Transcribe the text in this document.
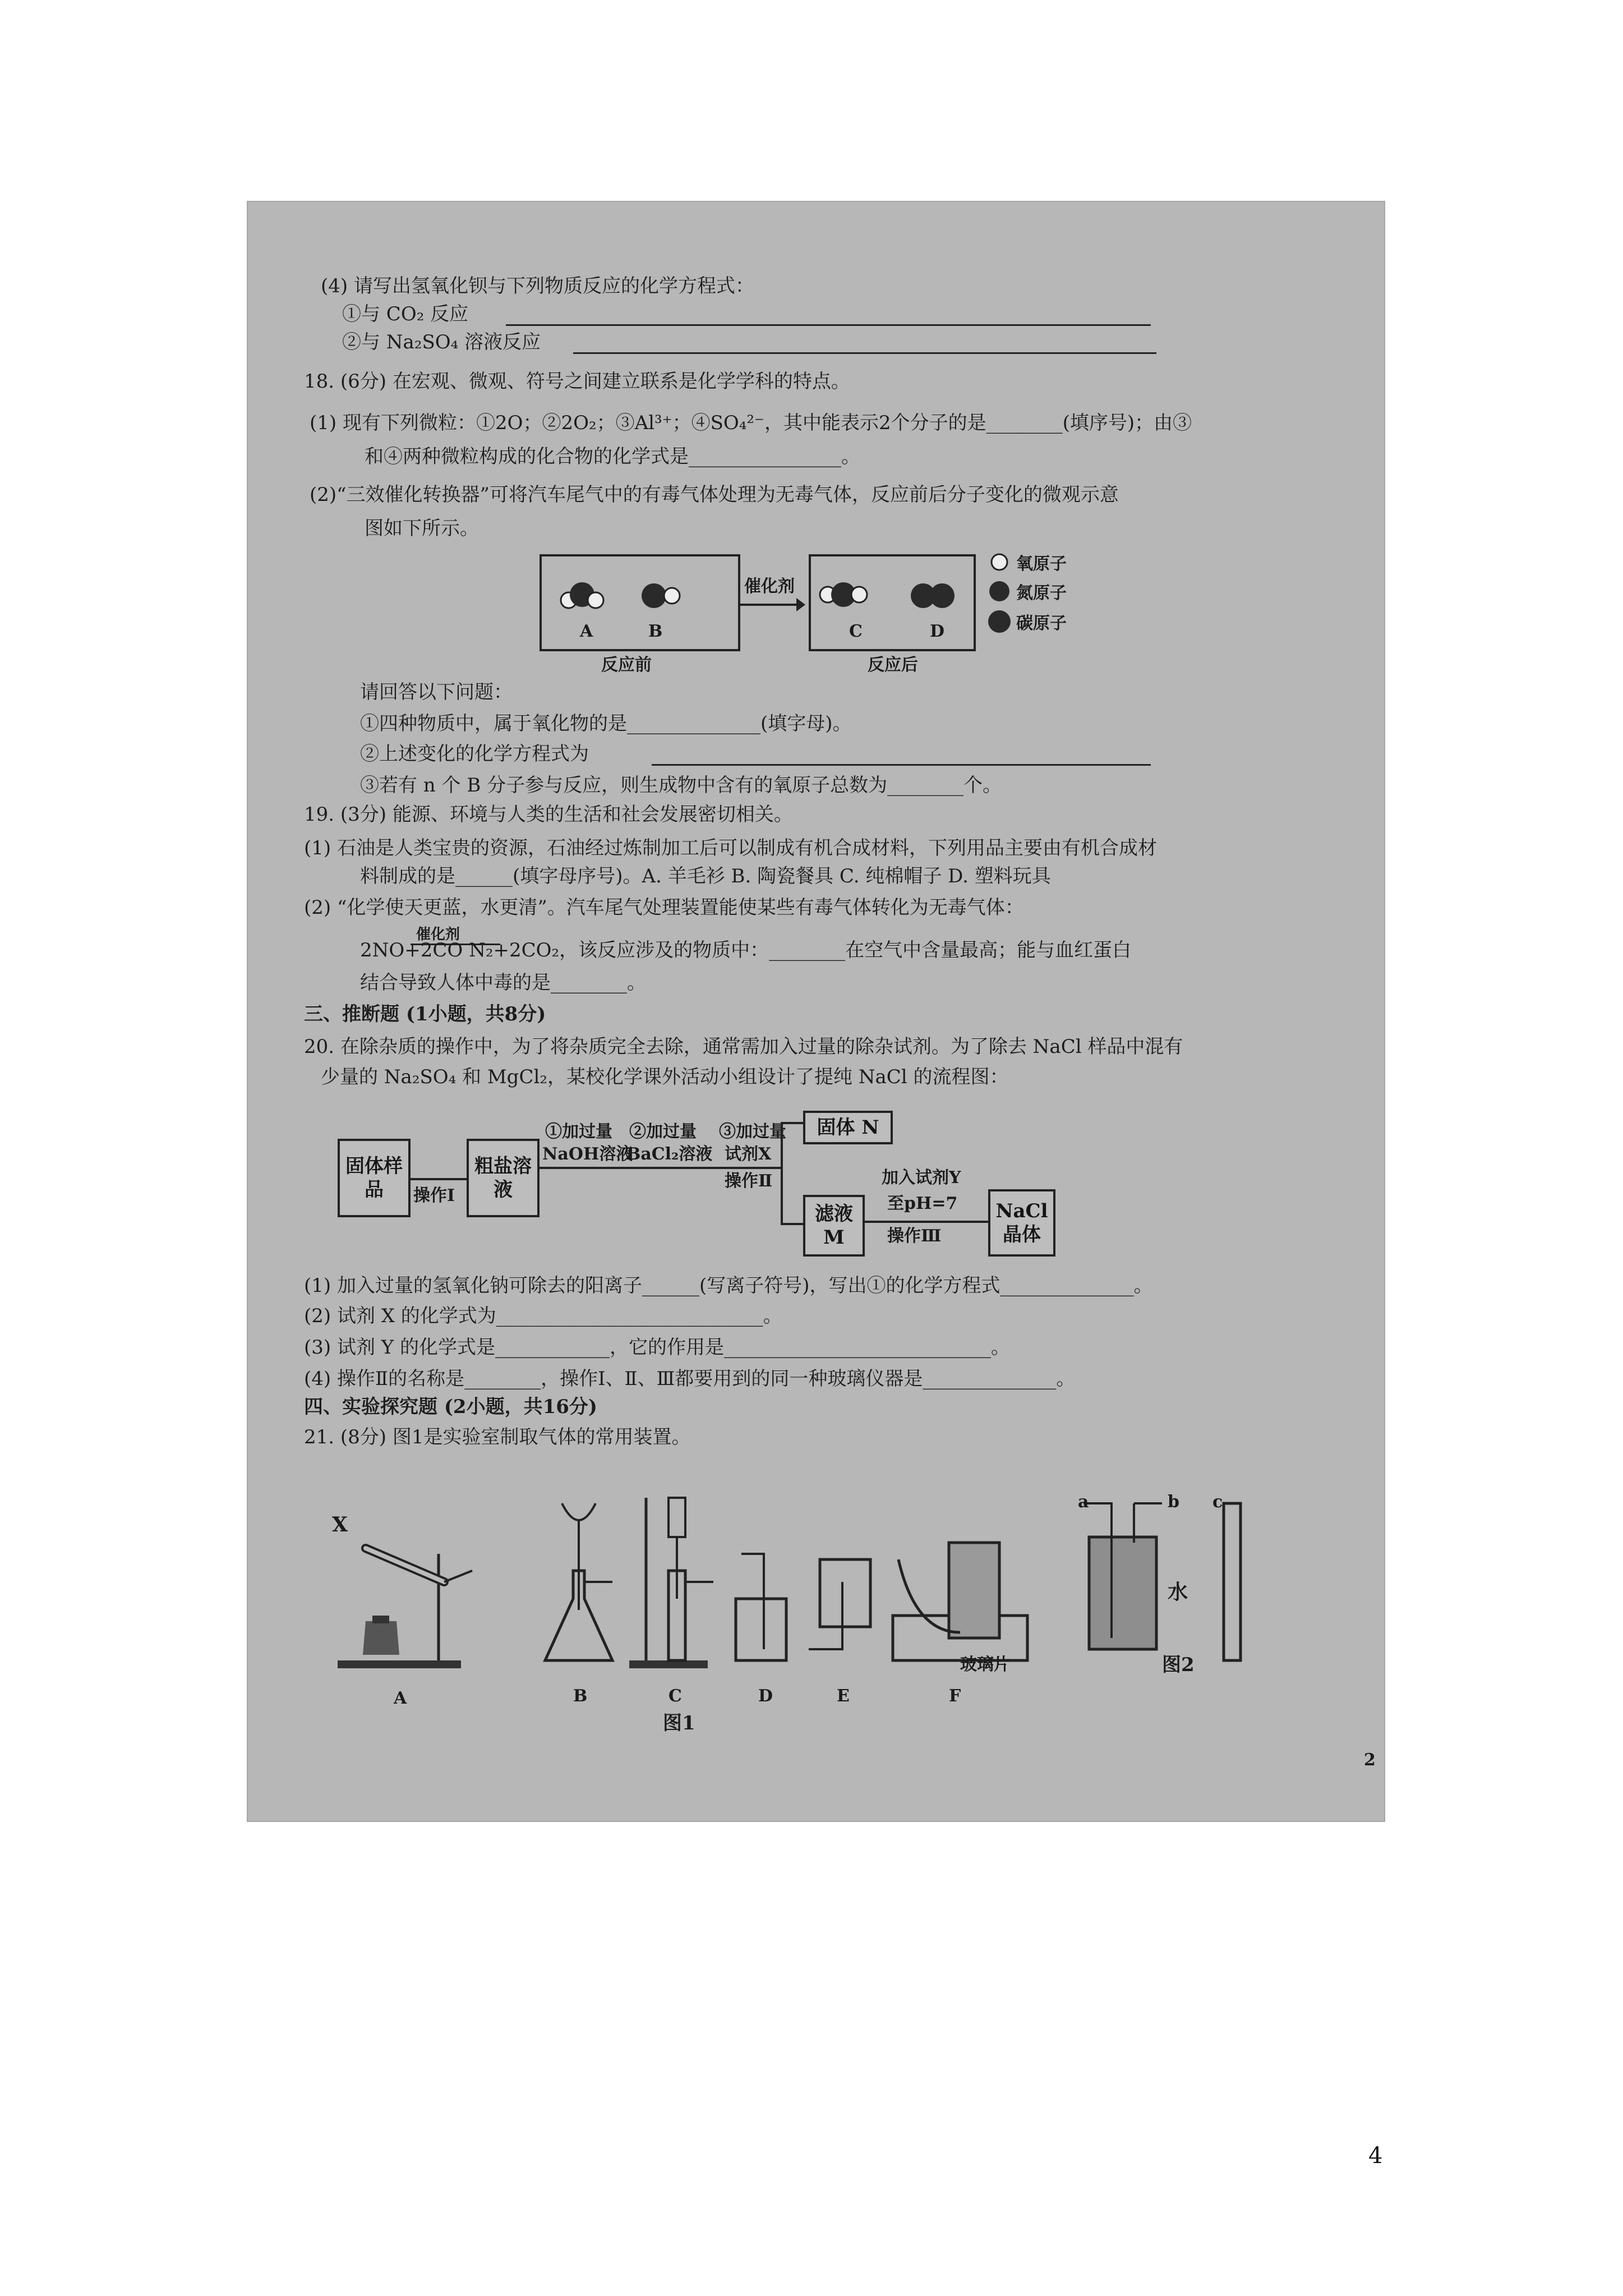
(4) 请写出氢氧化钡与下列物质反应的化学方程式：
①与 CO₂ 反应
②与 Na₂SO₄ 溶液反应
18. (6分) 在宏观、微观、符号之间建立联系是化学学科的特点。
(1) 现有下列微粒：①2O；②2O₂；③Al³⁺；④SO₄²⁻，其中能表示2个分子的是________(填序号)；由③
和④两种微粒构成的化合物的化学式是________________。
(2)“三效催化转换器”可将汽车尾气中的有毒气体处理为无毒气体，反应前后分子变化的微观示意
图如下所示。
A	B
反应前
催化剂
C	D
反应后
氧原子
氮原子
碳原子
请回答以下问题：
①四种物质中，属于氧化物的是______________(填字母)。
②上述变化的化学方程式为
③若有 n 个 B 分子参与反应，则生成物中含有的氧原子总数为________个。
19. (3分) 能源、环境与人类的生活和社会发展密切相关。
(1) 石油是人类宝贵的资源，石油经过炼制加工后可以制成有机合成材料，下列用品主要由有机合成材
料制成的是______(填字母序号)。A. 羊毛衫 B. 陶瓷餐具 C. 纯棉帽子 D. 塑料玩具
(2) “化学使天更蓝，水更清”。汽车尾气处理装置能使某些有毒气体转化为无毒气体：
催化剂
2NO+2CO N₂+2CO₂，该反应涉及的物质中：________在空气中含量最高；能与血红蛋白
结合导致人体中毒的是________。
三、推断题 (1小题，共8分)
20. 在除杂质的操作中，为了将杂质完全去除，通常需加入过量的除杂试剂。为了除去 NaCl 样品中混有
少量的 Na₂SO₄ 和 MgCl₂，某校化学课外活动小组设计了提纯 NaCl 的流程图：
固体样品	操作Ⅰ
粗盐溶液
①加过量
NaOH溶液
②加过量
BaCl₂溶液
③加过量
试剂X
操作Ⅱ
固体 N
滤液 M
加入试剂Y
至pH=7
操作Ⅲ
NaCl 晶体
(1) 加入过量的氢氧化钠可除去的阳离子______(写离子符号)，写出①的化学方程式______________。
(2) 试剂 X 的化学式为____________________________。
(3) 试剂 Y 的化学式是____________，它的作用是____________________________。
(4) 操作Ⅱ的名称是________，操作Ⅰ、Ⅱ、Ⅲ都要用到的同一种玻璃仪器是______________。
四、实验探究题 (2小题，共16分)
21. (8分) 图1是实验室制取气体的常用装置。
X
玻璃片
A	B	C	D	E	F
图1
a	b c
水
图2
2
4
